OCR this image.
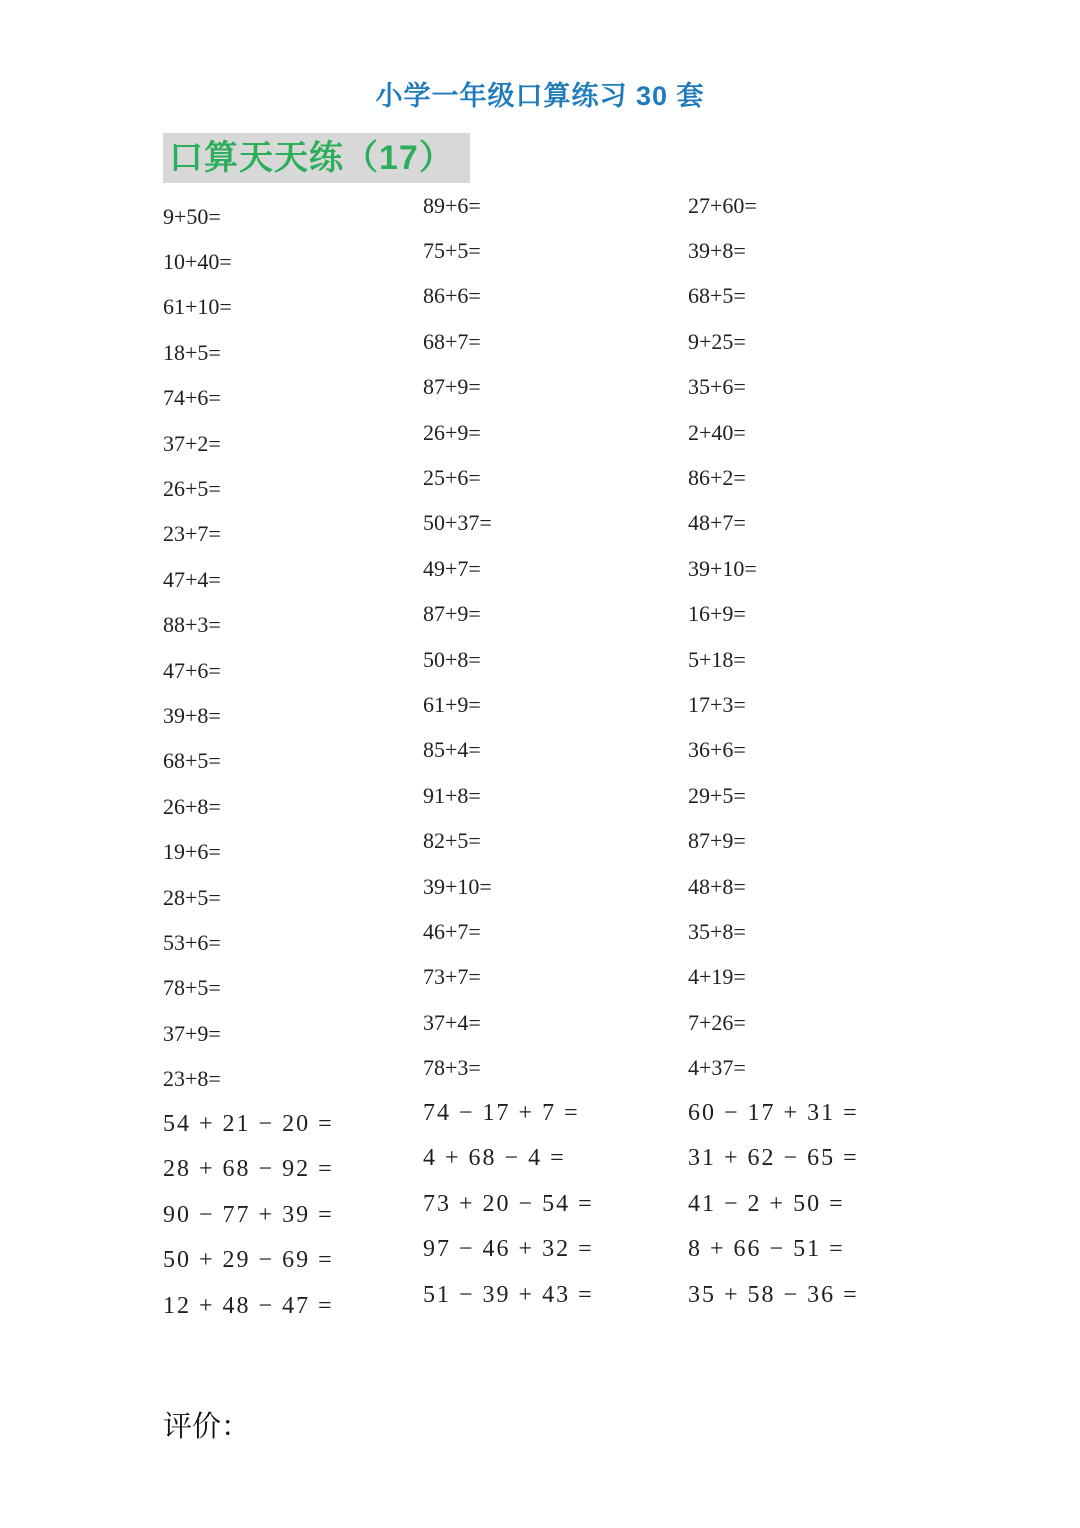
小学一年级口算练习 30 套
口算天天练（17）
9+50=
10+40=
61+10=
18+5=
74+6=
37+2=
26+5=
23+7=
47+4=
88+3=
47+6=
39+8=
68+5=
26+8=
19+6=
28+5=
53+6=
78+5=
37+9=
23+8=
54 + 21 − 20 =
28 + 68 − 92 =
90 − 77 + 39 =
50 + 29 − 69 =
12 + 48 − 47 =
89+6=
75+5=
86+6=
68+7=
87+9=
26+9=
25+6=
50+37=
49+7=
87+9=
50+8=
61+9=
85+4=
91+8=
82+5=
39+10=
46+7=
73+7=
37+4=
78+3=
74 − 17 + 7 =
4 + 68 − 4 =
73 + 20 − 54 =
97 − 46 + 32 =
51 − 39 + 43 =
27+60=
39+8=
68+5=
9+25=
35+6=
2+40=
86+2=
48+7=
39+10=
16+9=
5+18=
17+3=
36+6=
29+5=
87+9=
48+8=
35+8=
4+19=
7+26=
4+37=
60 − 17 + 31 =
31 + 62 − 65 =
41 − 2 + 50 =
8 + 66 − 51 =
35 + 58 − 36 =
评价：
